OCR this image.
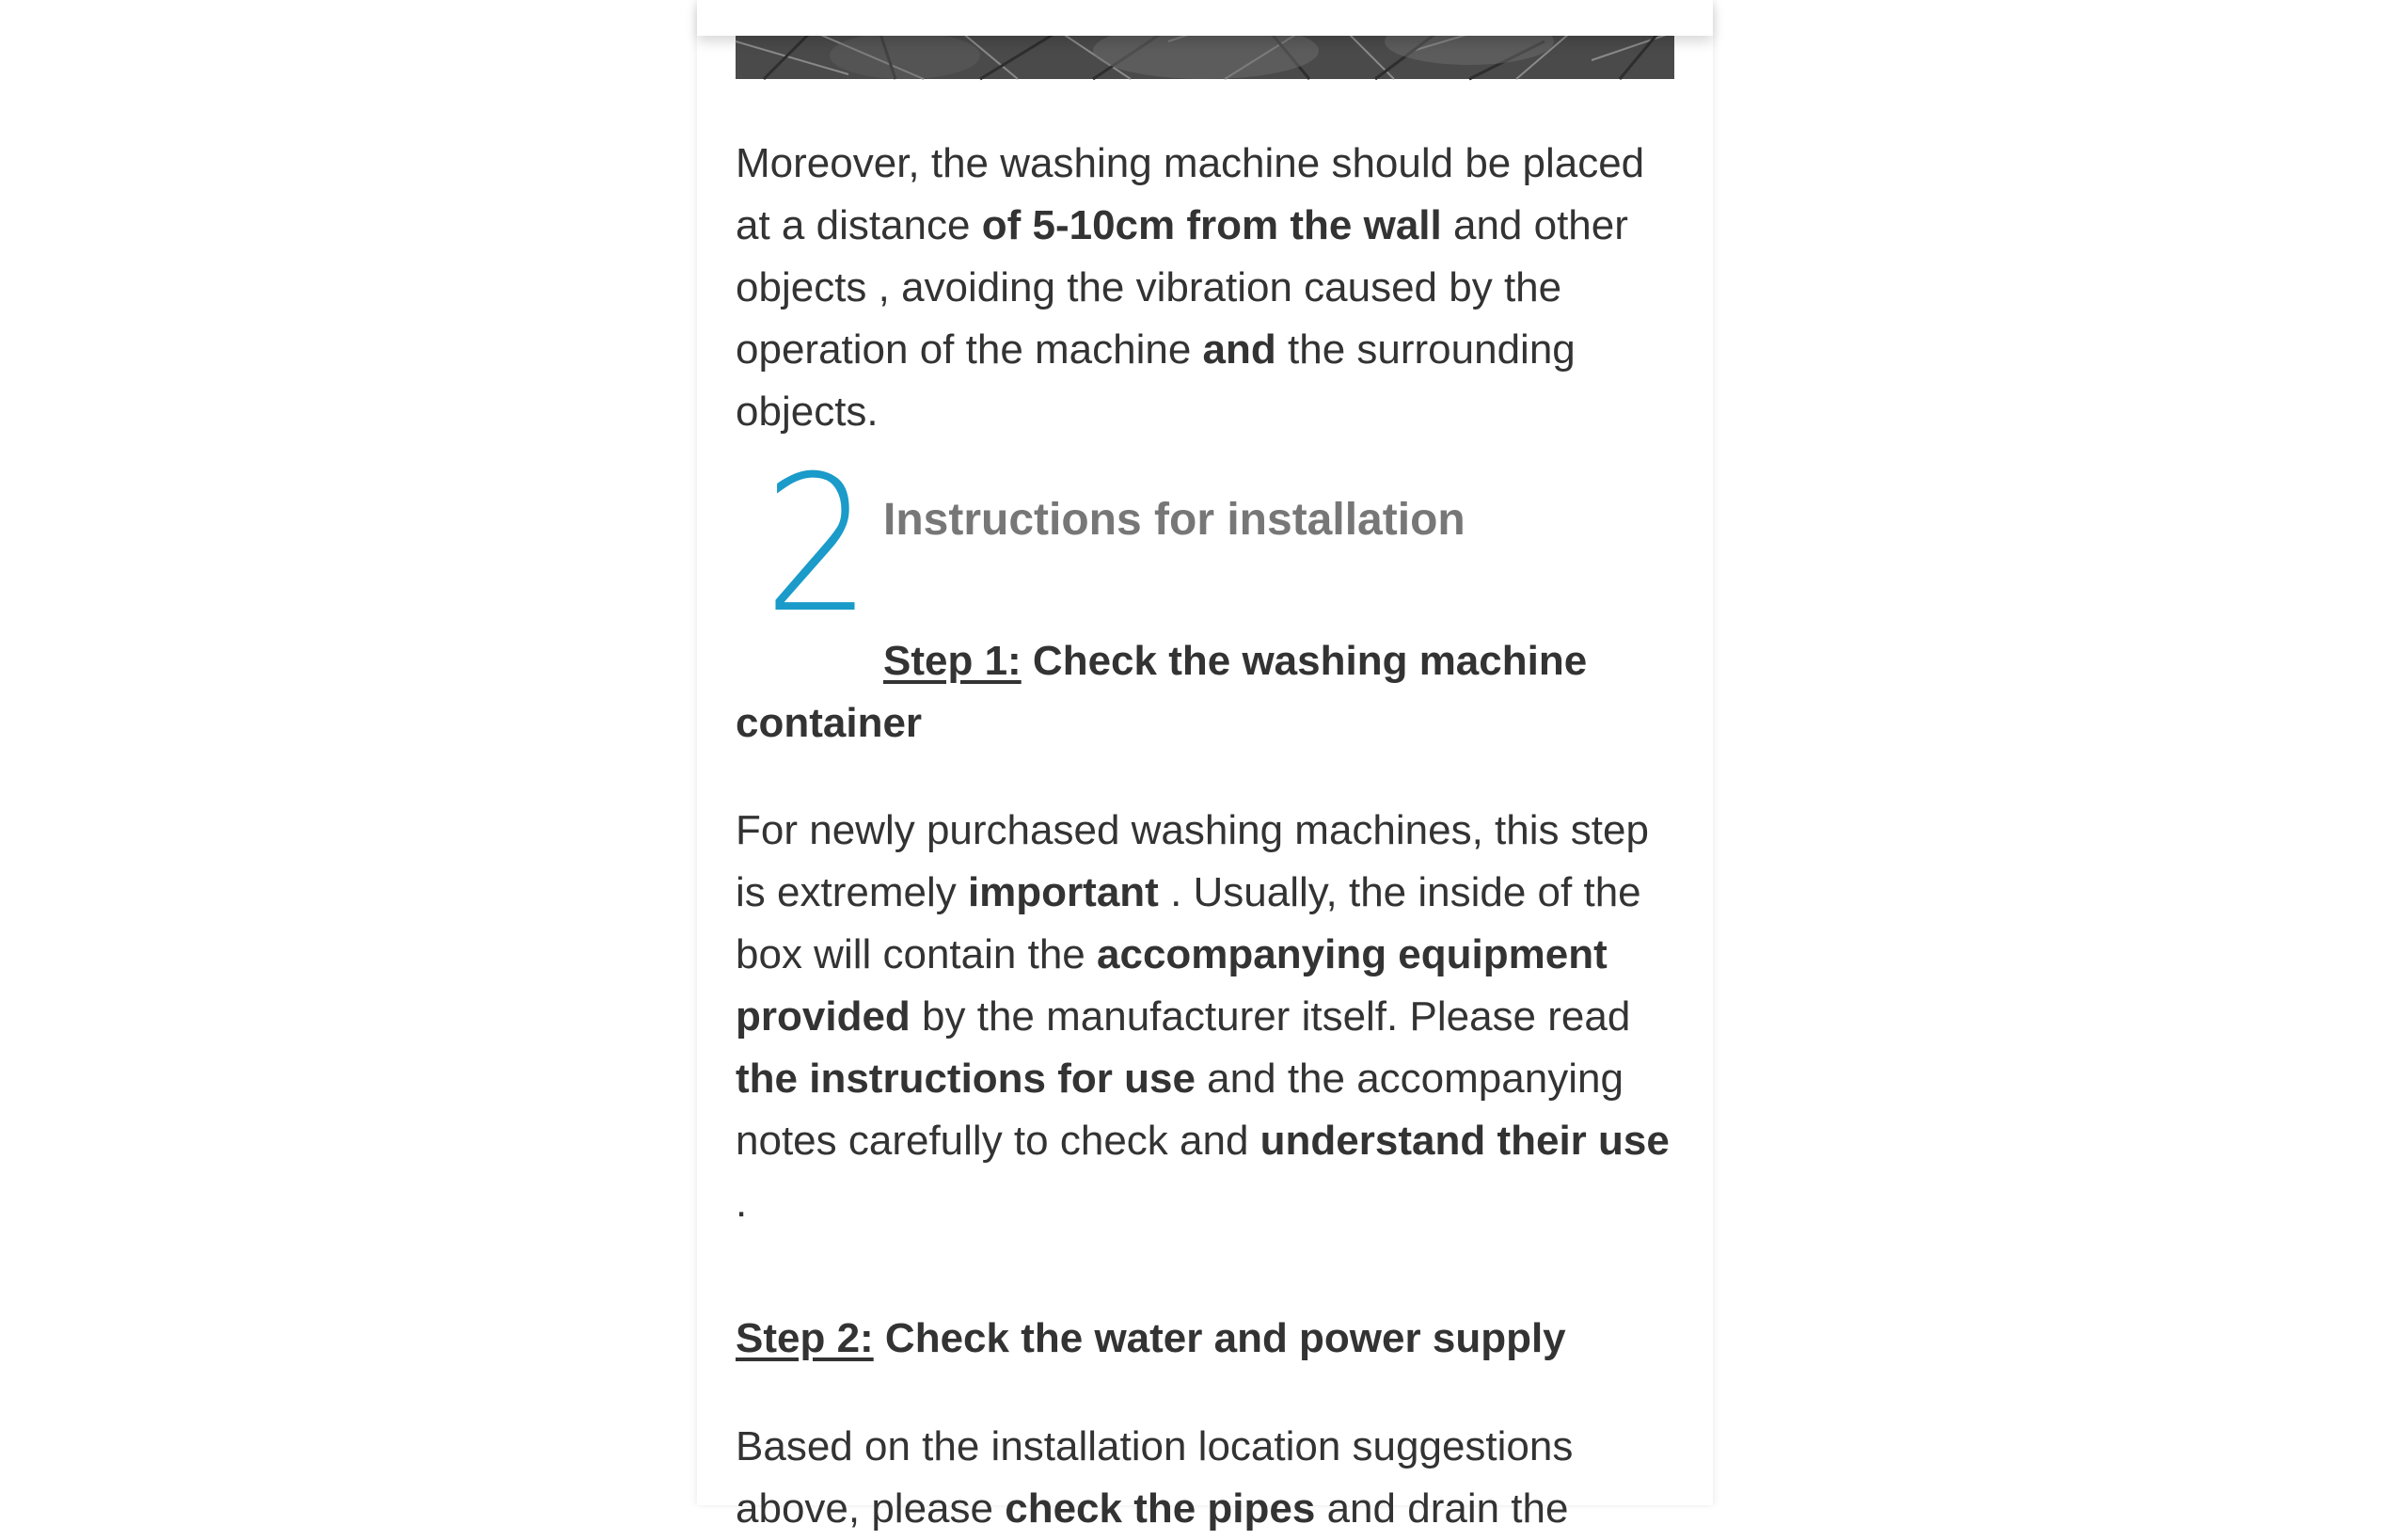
Moreover, the washing machine should be placed at a distance of 5-10cm from the wall and other objects , avoiding the vibration caused by the operation of the machine and the surrounding objects.

2 Instructions for installation
Step 1: Check the washing machine container

For newly purchased washing machines, this step is extremely important . Usually, the inside of the box will contain the accompanying equipment provided by the manufacturer itself. Please read the instructions for use and the accompanying notes carefully to check and understand their use .

Step 2: Check the water and power supply

Based on the installation location suggestions above, please check the pipes and drain the
